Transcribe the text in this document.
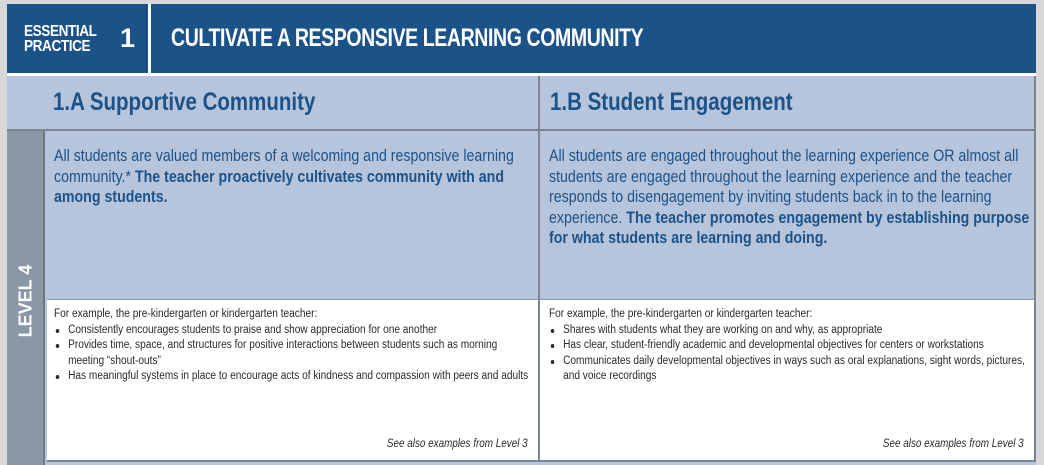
ESSENTIAL PRACTICE	1 CULTIVATE A RESPONSIVE LEARNING COMMUNITY
1.A Supportive Community	1.B Student Engagement
LEVEL 4
All students are valued members of a welcoming and responsive learning community.* The teacher proactively cultivates community with and among students.
All students are engaged throughout the learning experience OR almost all students are engaged throughout the learning experience and the teacher responds to disengagement by inviting students back in to the learning experience. The teacher promotes engagement by establishing purpose for what students are learning and doing.
For example, the pre-kindergarten or kindergarten teacher:
Consistently encourages students to praise and show appreciation for one another
Provides time, space, and structures for positive interactions between students such as morning meeting “shout-outs”
Has meaningful systems in place to encourage acts of kindness and compassion with peers and adults
See also examples from Level 3
For example, the pre-kindergarten or kindergarten teacher:
Shares with students what they are working on and why, as appropriate
Has clear, student-friendly academic and developmental objectives for centers or workstations
Communicates daily developmental objectives in ways such as oral explanations, sight words, pictures, and voice recordings
See also examples from Level 3
